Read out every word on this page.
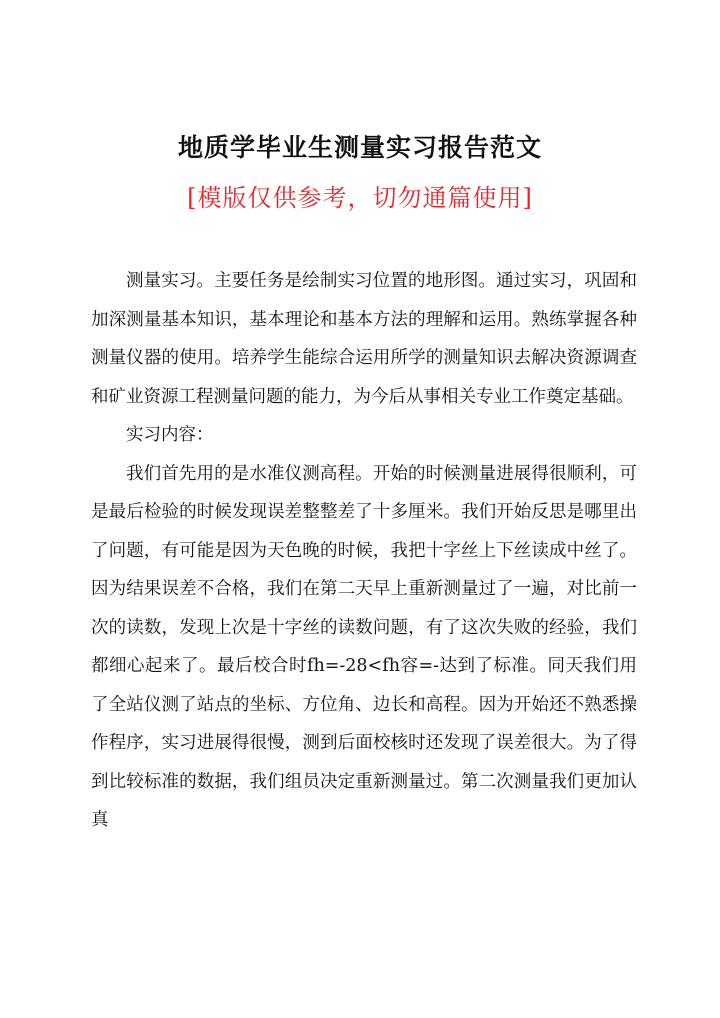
地质学毕业生测量实习报告范文
[模版仅供参考，切勿通篇使用]

测量实习。主要任务是绘制实习位置的地形图。通过实习，巩固和加深测量基本知识，基本理论和基本方法的理解和运用。熟练掌握各种测量仪器的使用。培养学生能综合运用所学的测量知识去解决资源调查和矿业资源工程测量问题的能力，为今后从事相关专业工作奠定基础。

实习内容：

我们首先用的是水准仪测高程。开始的时候测量进展得很顺利，可是最后检验的时候发现误差整整差了十多厘米。我们开始反思是哪里出了问题，有可能是因为天色晚的时候，我把十字丝上下丝读成中丝了。因为结果误差不合格，我们在第二天早上重新测量过了一遍，对比前一次的读数，发现上次是十字丝的读数问题，有了这次失败的经验，我们都细心起来了。最后校合时fh=-28<fh容=-达到了标准。同天我们用了全站仪测了站点的坐标、方位角、边长和高程。因为开始还不熟悉操作程序，实习进展得很慢，测到后面校核时还发现了误差很大。为了得到比较标准的数据，我们组员决定重新测量过。第二次测量我们更加认真
